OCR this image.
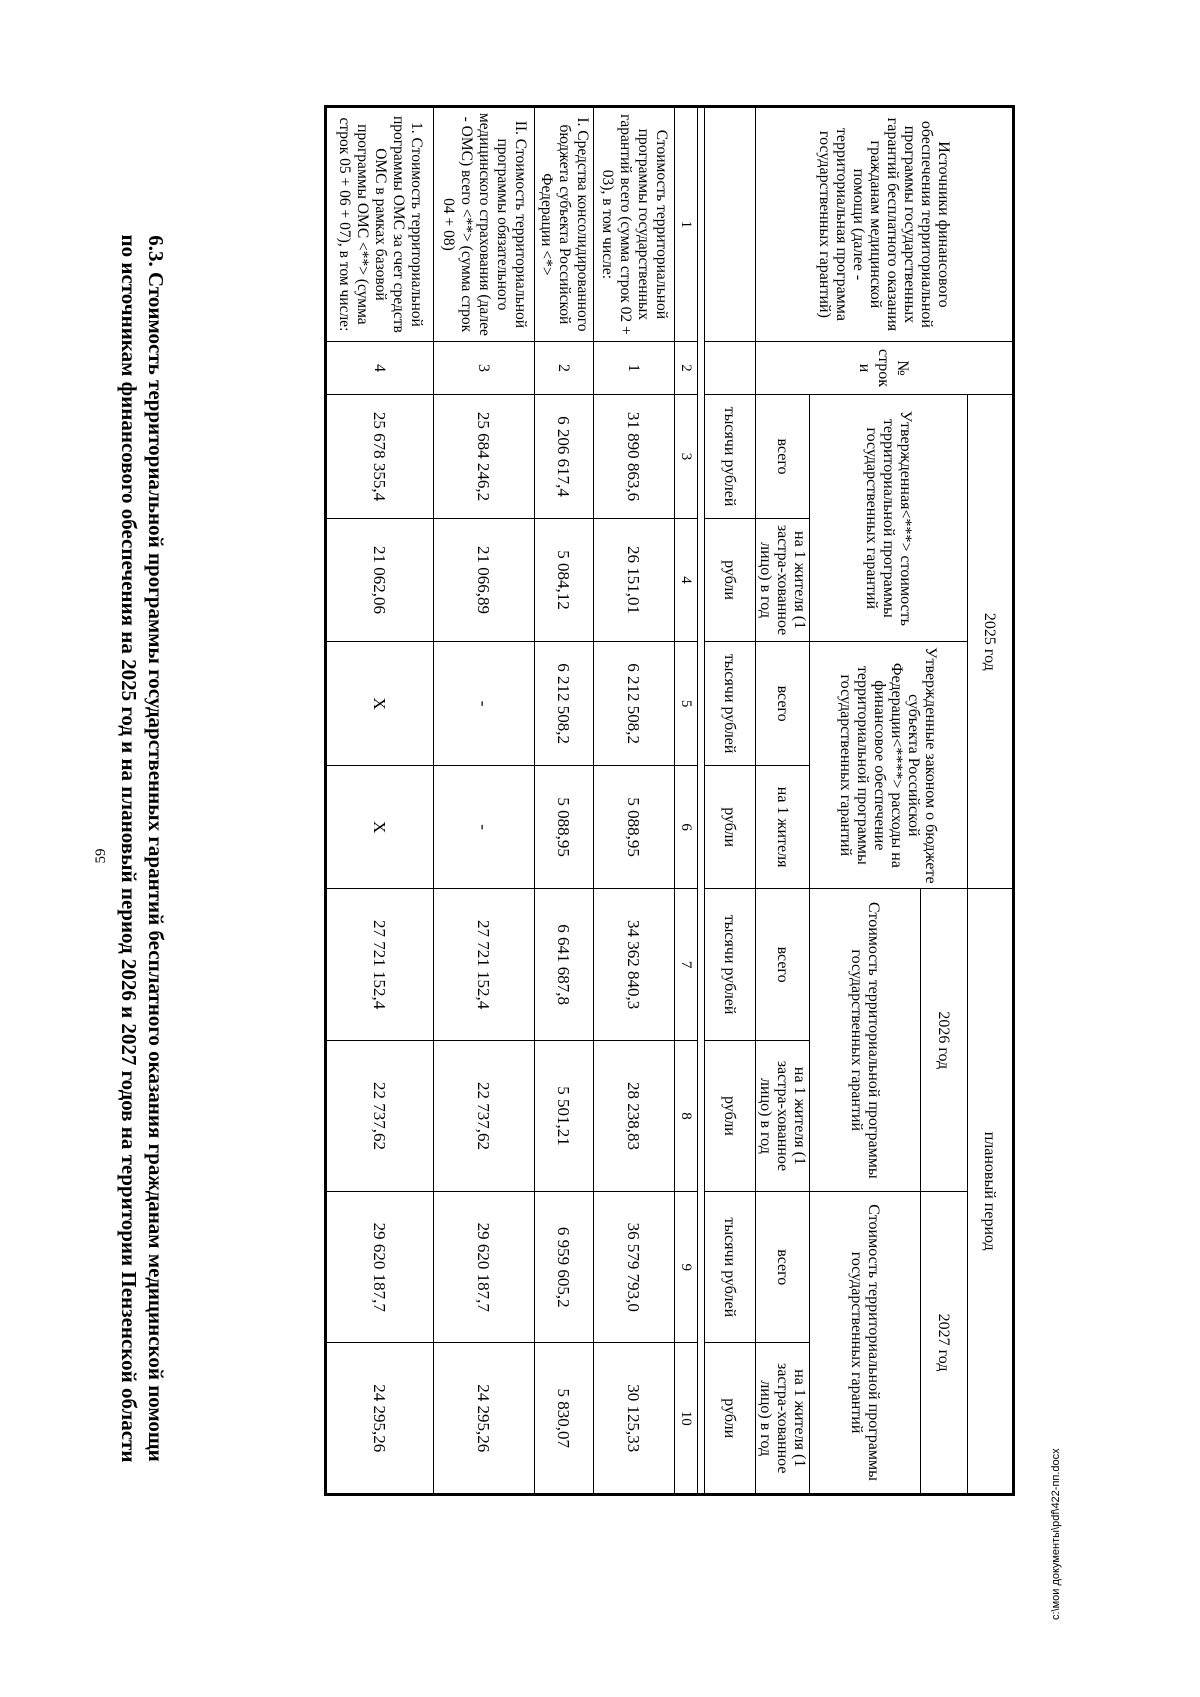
59
c:\мои документы\pdf\422-пп.docx
6.3. Стоимость территориальной программы государственных гарантий бесплатного оказания гражданам медицинской помощи
по источникам финансового обеспечения на 2025 год и на плановый период 2026 и 2027 годов на территории Пензенской области
Источники финансового обеспечения территориальной программы государственных гарантий бесплатного оказания гражданам медицинской помощи (далее - территориальная программа государственных гарантий)	№ строки	2025 год				плановый период			
		Утвержденная<***> стоимость территориальной программы государственных гарантий		Утвержденные законом о бюджете субъекта Российской Федерации<****> расходы на финансовое обеспечение территориальной программы государственных гарантий		2026 год		2027 год	
						Стоимость территориальной программы государственных гарантий		Стоимость территориальной программы государственных гарантий	
		всего	на 1 жителя (1 застра-хованное лицо) в год	всего	на 1 жителя	всего	на 1 жителя (1 застра-хованное лицо) в год	всего	на 1 жителя (1 застра-хованное лицо) в год
		тысячи рублей	рубли	тысячи рублей	рубли	тысячи рублей	рубли	тысячи рублей	рубли

1	2	3	4	5	6	7	8	9	10
Стоимость территориальной программы государственных гарантий всего (сумма строк 02 + 03), в том числе:	1	31 890 863,6	26 151,01	6 212 508,2	5 088,95	34 362 840,3	28 238,83	36 579 793,0	30 125,33
I. Средства консолидированного бюджета субъекта Российской Федерации <*>	2	6 206 617,4	5 084,12	6 212 508,2	5 088,95	6 641 687,8	5 501,21	6 959 605,2	5 830,07
II. Стоимость территориальной программы обязательного медицинского страхования (далее - ОМС) всего <**> (сумма строк 04 + 08)	3	25 684 246,2	21 066,89	-	-	27 721 152,4	22 737,62	29 620 187,7	24 295,26
1. Стоимость территориальной программы ОМС за счет средств ОМС в рамках базовой программы ОМС <**> (сумма строк 05 + 06 + 07), в том числе:	4	25 678 355,4	21 062,06	Х	Х	27 721 152,4	22 737,62	29 620 187,7	24 295,26
